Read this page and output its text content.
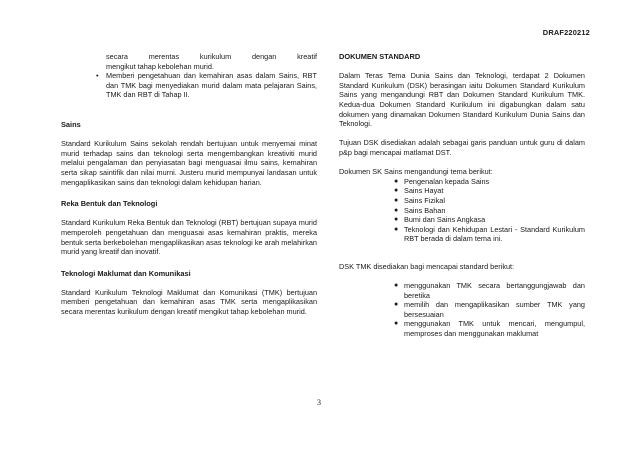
DRAF220212
secara merentas kurikulum dengan kreatif
mengikut tahap kebolehan murid.
•	Memberi pengetahuan dan kemahiran asas dalam Sains, RBT dan TMK bagi menyediakan murid dalam mata pelajaran Sains, TMK dan RBT di Tahap II.

Sains

Standard Kurikulum Sains sekolah rendah bertujuan untuk menyemai minat murid terhadap sains dan teknologi serta mengembangkan kreativiti murid melalui pengalaman dan penyiasatan bagi menguasai ilmu sains, kemahiran serta sikap saintifik dan nilai murni. Justeru murid mempunyai landasan untuk mengaplikasikan sains dan teknologi dalam kehidupan harian.

Reka Bentuk dan Teknologi

Standard Kurikulum Reka Bentuk dan Teknologi (RBT) bertujuan supaya murid memperoleh pengetahuan dan menguasai asas kemahiran praktis, mereka bentuk serta berkebolehan mengaplikasikan asas teknologi ke arah melahirkan murid yang kreatif dan inovatif.

Teknologi Maklumat dan Komunikasi

Standard Kurikulum Teknologi Maklumat dan Komunikasi (TMK) bertujuan memberi pengetahuan dan kemahiran asas TMK serta mengaplikasikan secara merentas kurikulum dengan kreatif mengikut tahap kebolehan murid.

DOKUMEN STANDARD

Dalam Teras Tema Dunia Sains dan Teknologi, terdapat 2 Dokumen Standard Kurikulum (DSK) berasingan iaitu Dokumen Standard Kurikulum Sains yang mengandungi RBT dan Dokumen Standard Kurikulum TMK. Kedua-dua Dokumen Standard Kurikulum ini digabungkan dalam satu dokumen yang dinamakan Dokumen Standard Kurikulum Dunia Sains dan Teknologi.

Tujuan DSK disediakan adalah sebagai garis panduan untuk guru di dalam p&p bagi mencapai matlamat DST.

Dokumen SK Sains mengandungi tema berikut:

● Pengenalan kepada Sains
● Sains Hayat
● Sains Fizikal
● Sains Bahan
● Bumi dan Sains Angkasa
● Teknologi dan Kehidupan Lestari - Standard Kurikulum RBT berada di dalam tema ini.

DSK TMK disediakan bagi mencapai standard berikut:

● menggunakan TMK secara bertanggungjawab dan beretika
● memilih dan mengaplikasikan sumber TMK yang bersesuaian
● menggunakan TMK untuk mencari, mengumpul, memproses dan menggunakan maklumat
3
